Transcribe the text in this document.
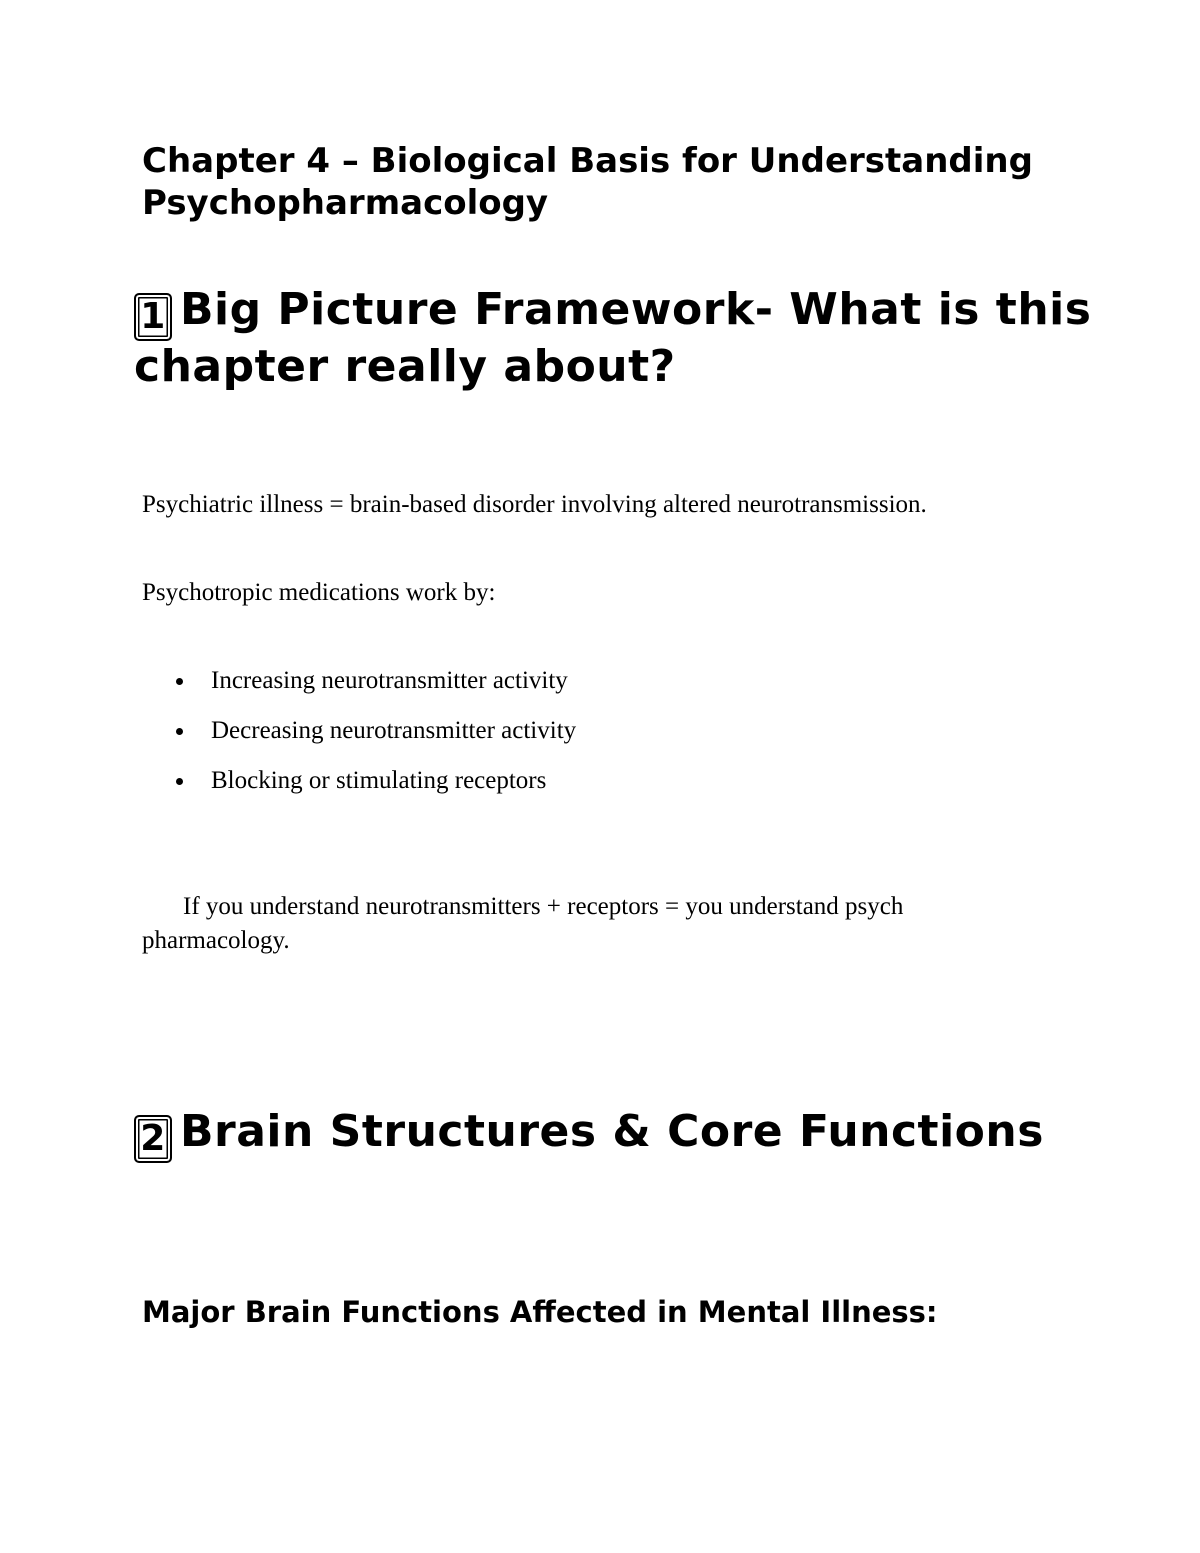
Chapter 4 – Biological Basis for Understanding Psychopharmacology
1 Big Picture Framework- What is this chapter really about?
Psychiatric illness = brain-based disorder involving altered neurotransmission.
Psychotropic medications work by:
Increasing neurotransmitter activity
Decreasing neurotransmitter activity
Blocking or stimulating receptors
If you understand neurotransmitters + receptors = you understand psych pharmacology.
2 Brain Structures & Core Functions
Major Brain Functions Affected in Mental Illness:
